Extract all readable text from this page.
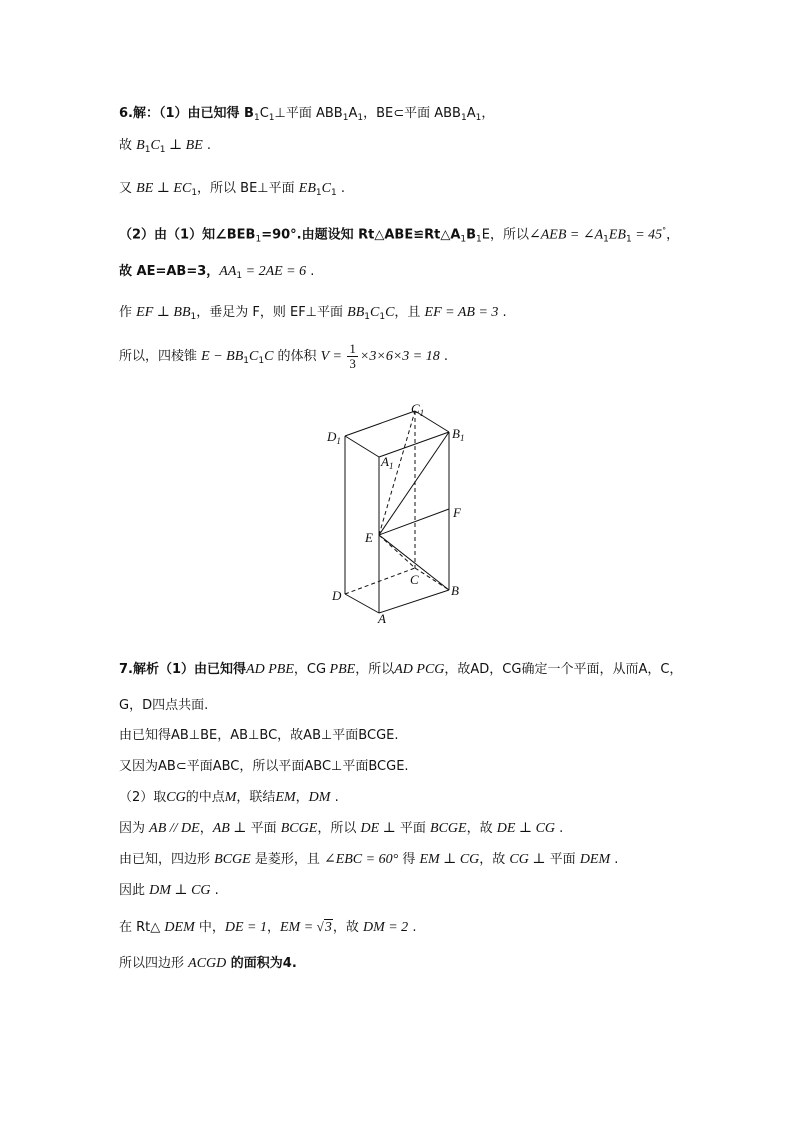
6.解：（1）由已知得 $B_1C_1\perp$平面 $ABB_1A_1$，BE⊂平面 $ABB_1A_1$，
故 $B_1C_1$ ⊥ BE .
又 BE ⊥ $EC_1$，所以 BE⊥平面 $EB_1C_1$ .
（2）由（1）知$\angle BEB_1=90^\circ$.由题设知 $Rt\triangle ABE≌Rt\triangle A_1B_1E$，所以∠AEB = $\angle A_1EB_1 = 45^\circ$，
故 AE=AB=3，$AA_1 = 2AE = 6$ .
作 EF ⊥ $BB_1$，垂足为 F，则 EF⊥平面 $BB_1C_1C$，且 EF = AB = 3 .
所以，四棱锥 $E - BB_1C_1C$ 的体积 $V = \frac{1}{3} \times 3\times 6\times 3 = 18$ .
$C_1$
$D_1$	$B_1$
$A_1$
F
E
C
D	B
A
7.解析（1）由已知得AD PBE，CG PBE，所以AD PCG，故AD，CG确定一个平面，从而A，C，
G，D四点共面.
由已知得AB⊥BE，AB⊥BC，故AB⊥平面BCGE.
又因为AB⊂平面ABC，所以平面ABC⊥平面BCGE.
（2）取CG的中点M，联结EM，DM .
因为 AB // DE，AB ⊥ 平面 BCGE，所以 DE ⊥ 平面 BCGE，故 DE ⊥ CG .
由已知，四边形 BCGE 是菱形，且 ∠EBC = 60° 得 EM ⊥ CG，故 CG ⊥ 平面 DEM .
因此 DM ⊥ CG .
在 Rt△ DEM 中，DE = 1，EM = √3，故 DM = 2 .
所以四边形 ACGD 的面积为4.
